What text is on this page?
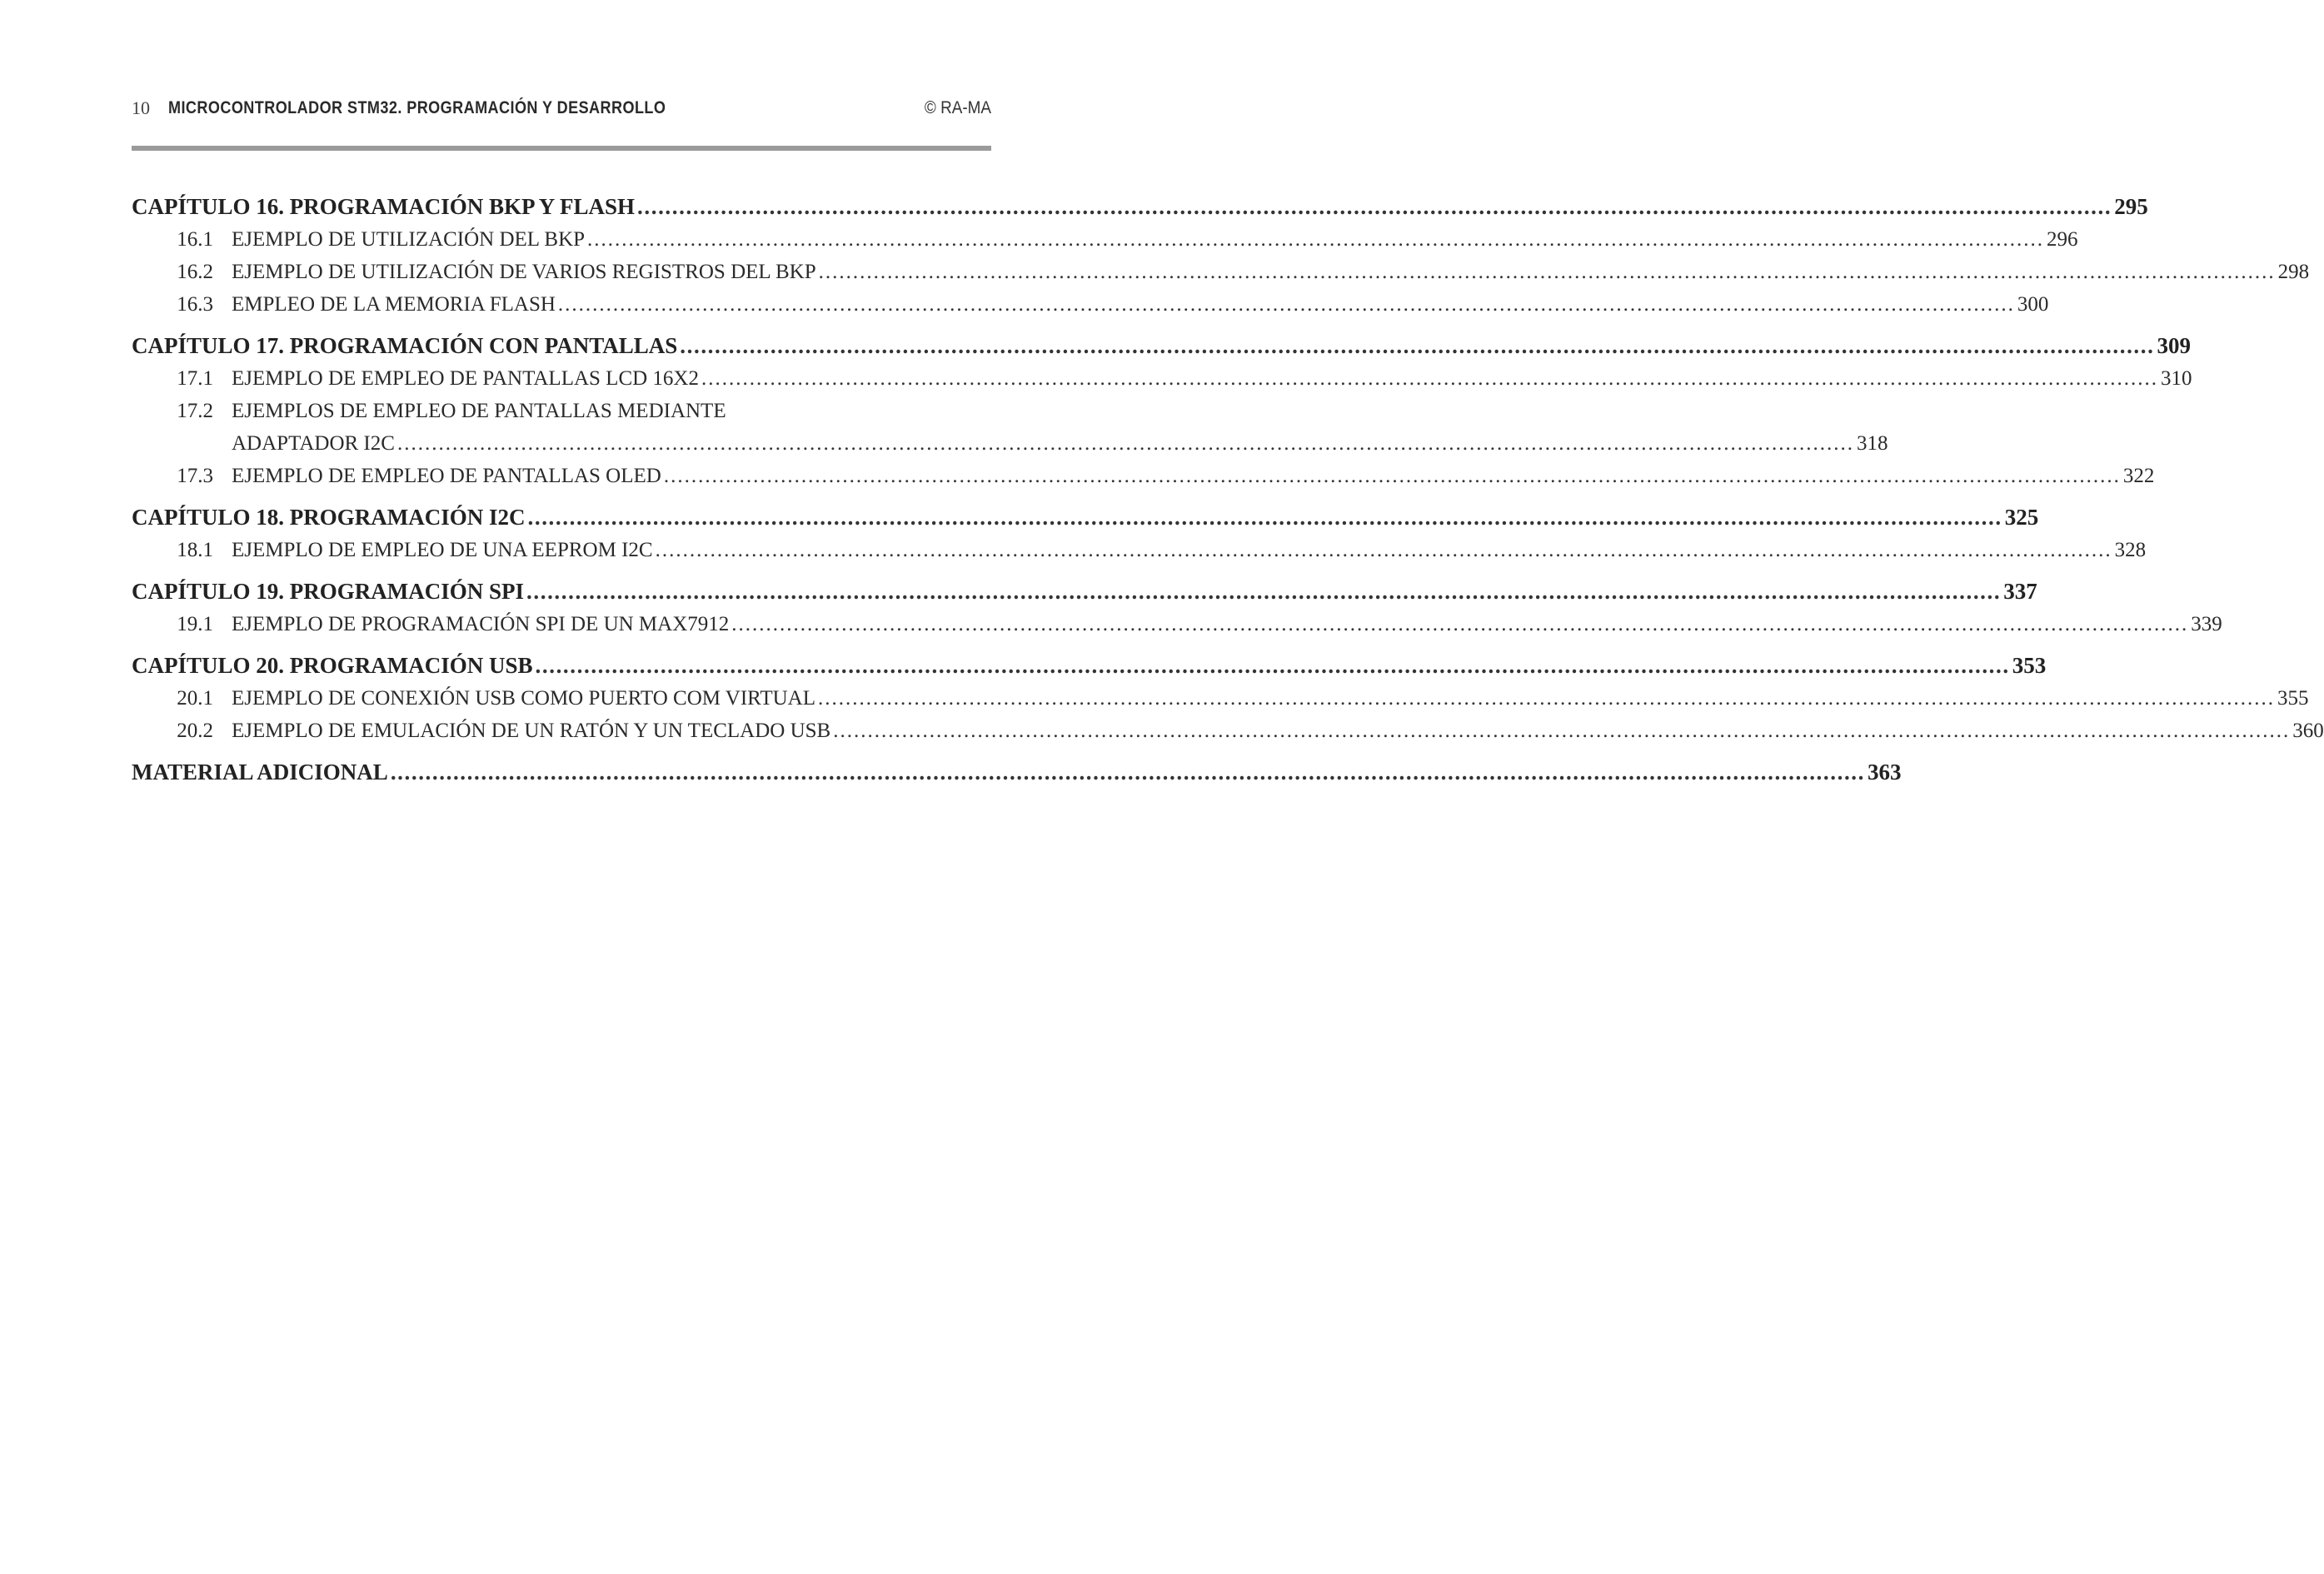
10 MICROCONTROLADOR STM32. PROGRAMACIÓN Y DESARROLLO	© RA-MA
CAPÍTULO 16. PROGRAMACIÓN BKP Y FLASH .....	295
16.1 EJEMPLO DE UTILIZACIÓN DEL BKP .....	296
16.2 EJEMPLO DE UTILIZACIÓN DE VARIOS REGISTROS DEL BKP .....	298
16.3 EMPLEO DE LA MEMORIA FLASH .....	300
CAPÍTULO 17. PROGRAMACIÓN CON PANTALLAS .....	309
17.1 EJEMPLO DE EMPLEO DE PANTALLAS LCD 16X2 .....	310
17.2 EJEMPLOS DE EMPLEO DE PANTALLAS MEDIANTE
ADAPTADOR I2C .....	318
17.3 EJEMPLO DE EMPLEO DE PANTALLAS OLED .....	322
CAPÍTULO 18. PROGRAMACIÓN I2C .....	325
18.1 EJEMPLO DE EMPLEO DE UNA EEPROM I2C .....	328
CAPÍTULO 19. PROGRAMACIÓN SPI .....	337
19.1 EJEMPLO DE PROGRAMACIÓN SPI DE UN MAX7912 .....	339
CAPÍTULO 20. PROGRAMACIÓN USB .....	353
20.1 EJEMPLO DE CONEXIÓN USB COMO PUERTO COM VIRTUAL .....	355
20.2 EJEMPLO DE EMULACIÓN DE UN RATÓN Y UN TECLADO USB .....	360
MATERIAL ADICIONAL .....	363
